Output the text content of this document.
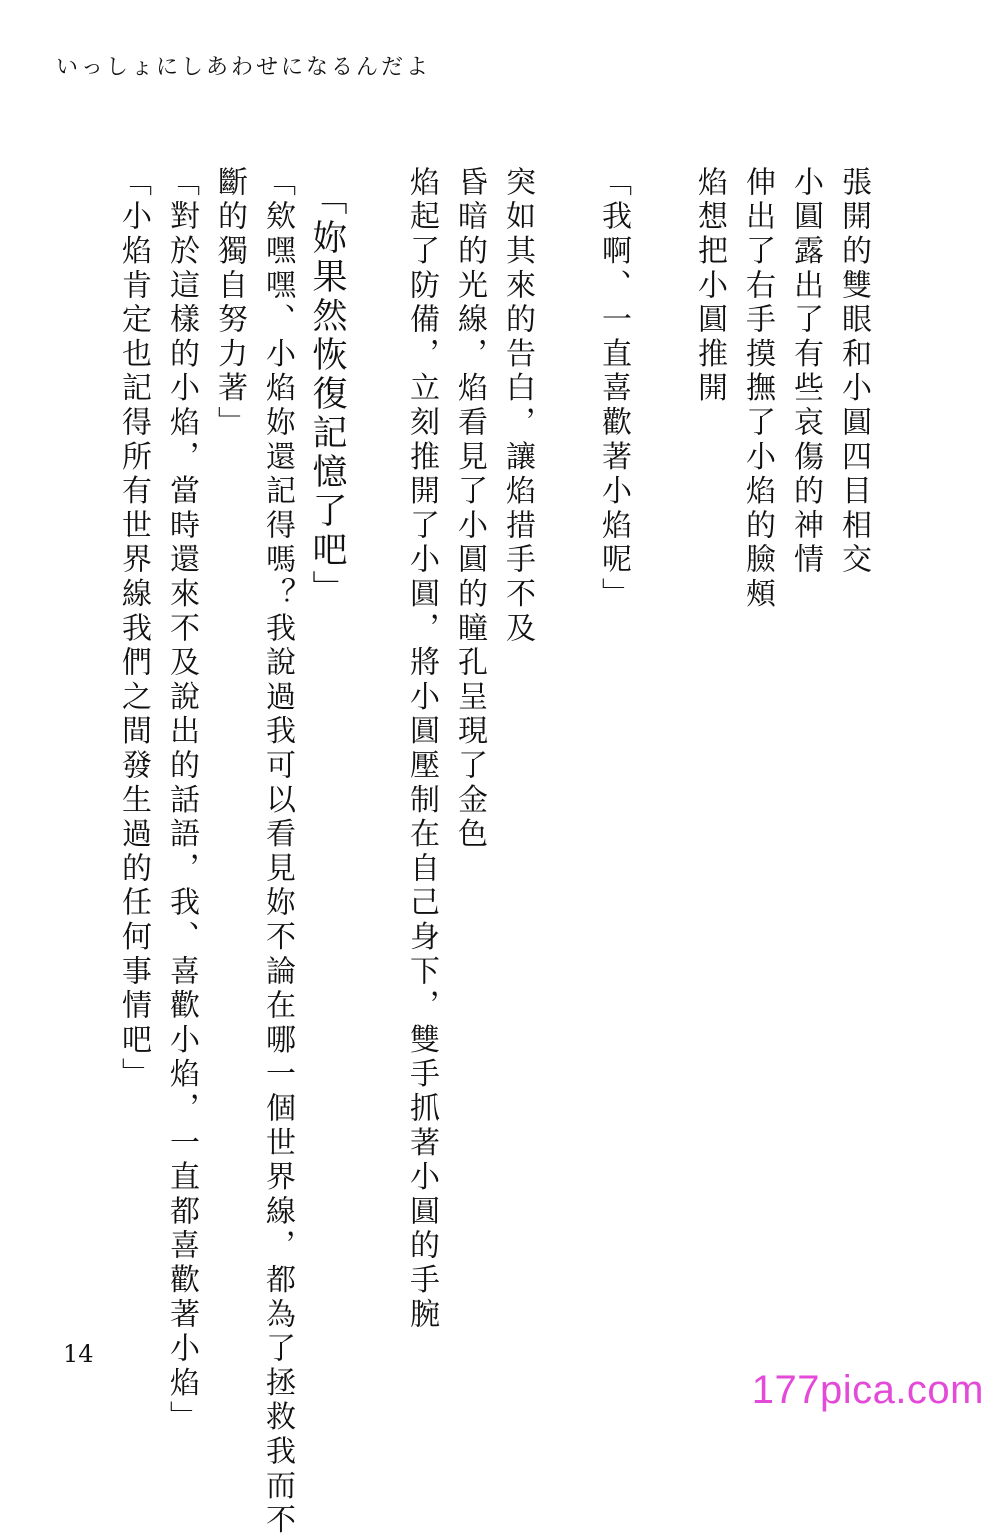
いっしょにしあわせになるんだよ
張開的雙眼和小圓四目相交
小圓露出了有些哀傷的神情
伸出了右手摸撫了小焰的臉頰
焰想把小圓推開
「我啊、一直喜歡著小焰呢」
突如其來的告白，讓焰措手不及
昏暗的光線，焰看見了小圓的瞳孔呈現了金色
焰起了防備，立刻推開了小圓，將小圓壓制在自己身下，雙手抓著小圓的手腕
「妳果然恢復記憶了吧」
「欸嘿嘿、小焰妳還記得嗎？我說過我可以看見妳不論在哪一個世界線，都為了拯救我而不
斷的獨自努力著」
「對於這樣的小焰，當時還來不及說出的話語，我、喜歡小焰，一直都喜歡著小焰」
「小焰肯定也記得所有世界線我們之間發生過的任何事情吧」
14
177pica.com
